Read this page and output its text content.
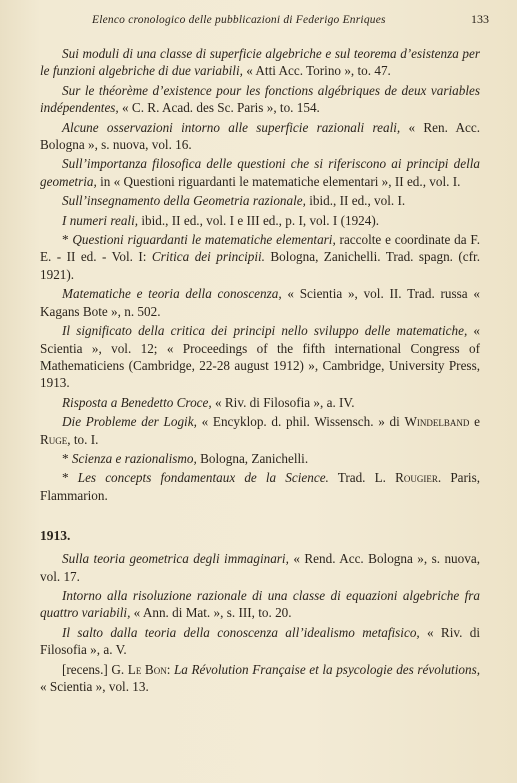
Elenco cronologico delle pubblicazioni di Federigo Enriques	133

Sui moduli di una classe di superficie algebriche e sul teorema d’esistenza per le funzioni algebriche di due variabili, « Atti Acc. Torino », to. 47.

Sur le théorème d’existence pour les fonctions algébriques de deux variables indépendentes, « C. R. Acad. des Sc. Paris », to. 154.

Alcune osservazioni intorno alle superficie razionali reali, « Ren. Acc. Bologna », s. nuova, vol. 16.

Sull’importanza filosofica delle questioni che si riferiscono ai principi della geometria, in « Questioni riguardanti le matematiche elementari », II ed., vol. I.

Sull’insegnamento della Geometria razionale, ibid., II ed., vol. I.

I numeri reali, ibid., II ed., vol. I e III ed., p. I, vol. I (1924).

* Questioni riguardanti le matematiche elementari, raccolte e coordinate da F. E. - II ed. - Vol. I: Critica dei principii. Bologna, Zanichelli. Trad. spagn. (cfr. 1921).

Matematiche e teoria della conoscenza, « Scientia », vol. II. Trad. russa « Kagans Bote », n. 502.

Il significato della critica dei principi nello sviluppo delle matematiche, « Scientia », vol. 12; « Proceedings of the fifth international Congress of Mathematiciens (Cambridge, 22-28 august 1912) », Cambridge, University Press, 1913.

Risposta a Benedetto Croce, « Riv. di Filosofia », a. IV.

Die Probleme der Logik, « Encyklop. d. phil. Wissensch. » di Windelband e Ruge, to. I.

* Scienza e razionalismo, Bologna, Zanichelli.

* Les concepts fondamentaux de la Science. Trad. L. Rougier. Paris, Flammarion.

1913.

Sulla teoria geometrica degli immaginari, « Rend. Acc. Bologna », s. nuova, vol. 17.

Intorno alla risoluzione razionale di una classe di equazioni algebriche fra quattro variabili, « Ann. di Mat. », s. III, to. 20.

Il salto dalla teoria della conoscenza all’idealismo metafisico, « Riv. di Filosofia », a. V.

[recens.] G. Le Bon: La Révolution Française et la psycologie des révolutions, « Scientia », vol. 13.
